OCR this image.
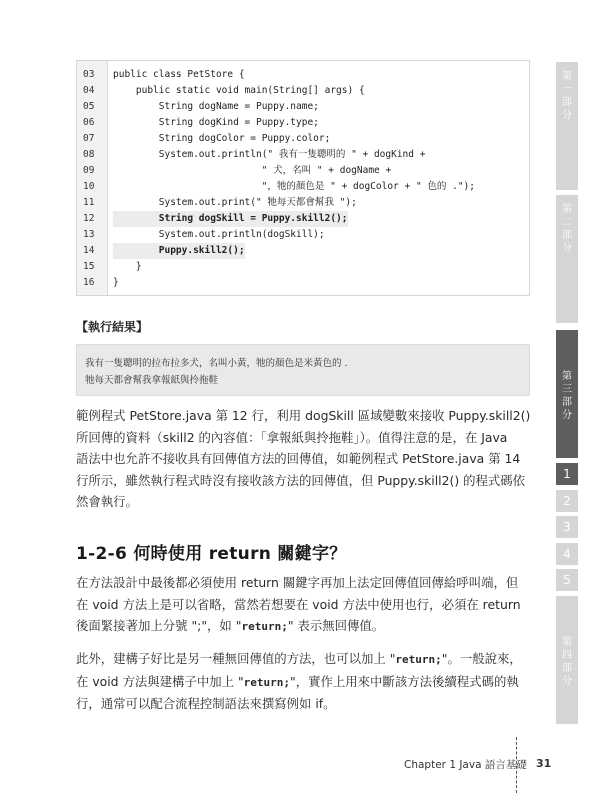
03	public class PetStore {
04	public static void main(String[] args) {
05	String dogName = Puppy.name;
06	String dogKind = Puppy.type;
07	String dogColor = Puppy.color;
08	System.out.println(" 我有一隻聰明的 " + dogKind +
09	" 犬，名叫 " + dogName +
10	"，牠的顏色是 " + dogColor + " 色的 .");
11	System.out.print(" 牠每天都會幫我 ");
12	String dogSkill = Puppy.skill2();
13	System.out.println(dogSkill);
14	Puppy.skill2();
15	}
16	}
【執行結果】
我有一隻聰明的拉布拉多犬，名叫小黃，牠的顏色是米黃色的 .
牠每天都會幫我拿報紙與拎拖鞋

範例程式 PetStore.java 第 12 行，利用 dogSkill 區域變數來接收 Puppy.skill2()

所回傳的資料（skill2 的內容值：「拿報紙與拎拖鞋」）。值得注意的是，在 Java

語法中也允許不接收具有回傳值方法的回傳值，如範例程式 PetStore.java 第 14

行所示，雖然執行程式時沒有接收該方法的回傳值，但 Puppy.skill2() 的程式碼依

然會執行。

1-2-6 何時使用 return 關鍵字？

在方法設計中最後都必須使用 return 關鍵字再加上法定回傳值回傳給呼叫端，但

在 void 方法上是可以省略，當然若想要在 void 方法中使用也行，必須在 return

後面緊接著加上分號 ";"，如 "return;" 表示無回傳值。

此外，建構子好比是另一種無回傳值的方法，也可以加上 "return;"。一般說來，

在 void 方法與建構子中加上 "return;"，實作上用來中斷該方法後續程式碼的執

行，通常可以配合流程控制語法來撰寫例如 if。

第一部分
第二部分
第三部分
1
2
3
4
5
第四部分
Chapter 1 Java 語言基礎 31
